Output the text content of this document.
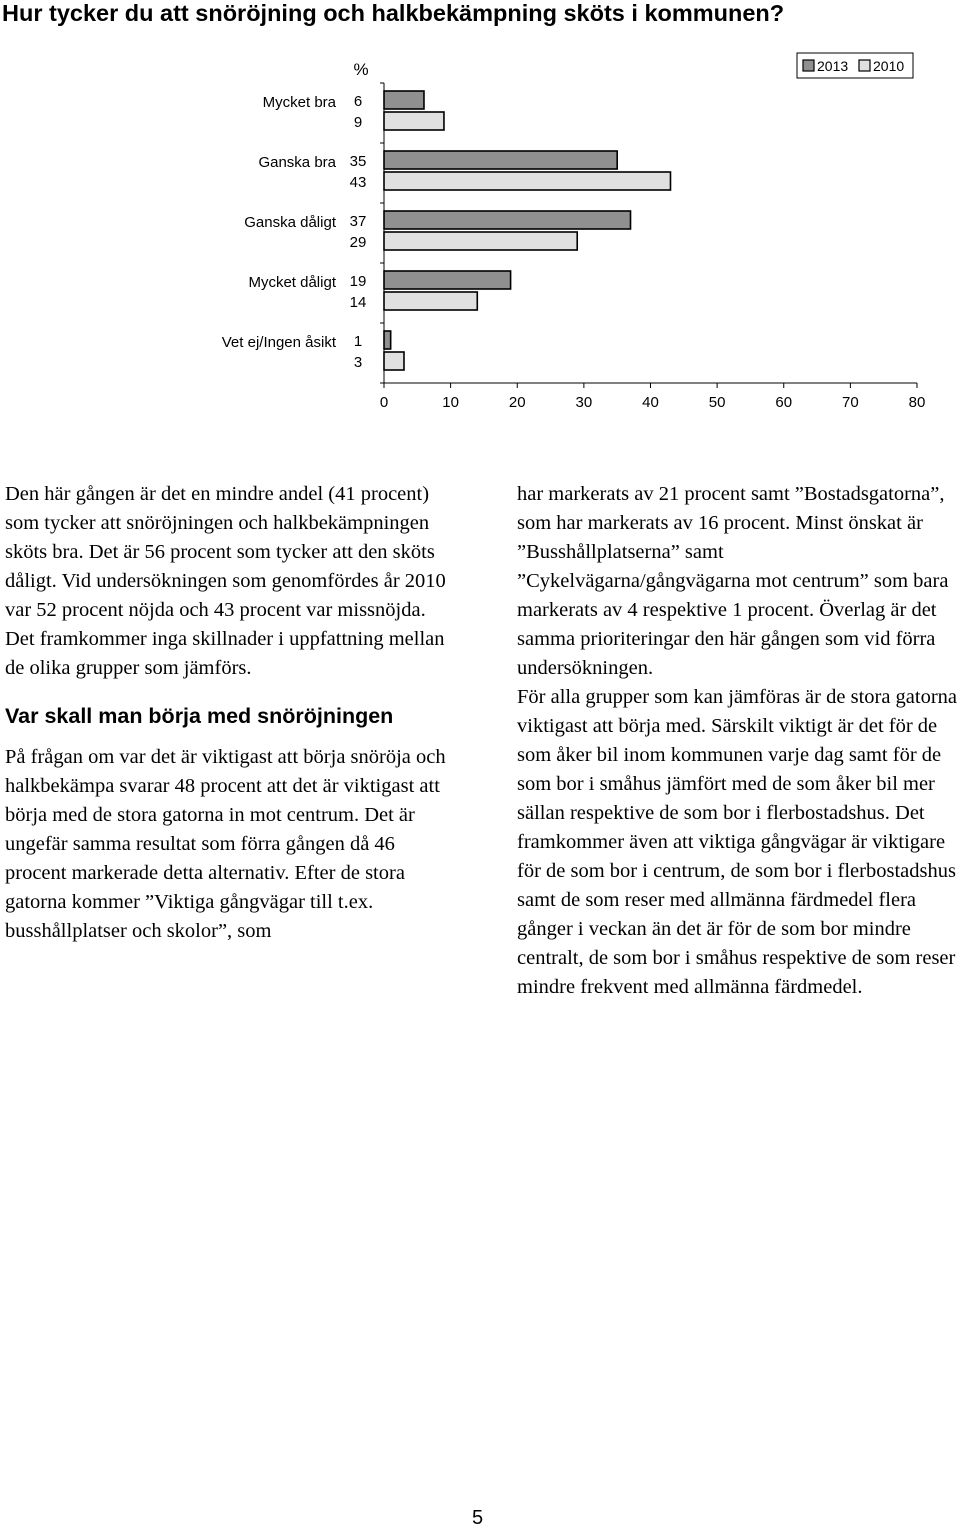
Hur tycker du att snöröjning och halkbekämpning sköts i kommunen?
%
0	10	20	30	40	50	60	70	80
Mycket bra 6
9
Ganska bra 35
43
Ganska dåligt 37
29
Mycket dåligt 19
14
Vet ej/Ingen åsikt 1
3
2013 2010

Den här gången är det en mindre andel (41 procent) som tycker att snöröjningen och halkbekämpningen sköts bra. Det är 56 procent som tycker att den sköts dåligt. Vid undersökningen som genomfördes år 2010 var 52 procent nöjda och 43 procent var missnöjda.

Det framkommer inga skillnader i uppfattning mellan de olika grupper som jämförs.

Var skall man börja med snöröjningen

På frågan om var det är viktigast att börja snöröja och halkbekämpa svarar 48 procent att det är viktigast att börja med de stora gatorna in mot centrum. Det är ungefär samma resultat som förra gången då 46 procent markerade detta alternativ. Efter de stora gatorna kommer ”Viktiga gångvägar till t.ex. busshållplatser och skolor”, som

har markerats av 21 procent samt ”Bostadsgatorna”, som har markerats av 16 procent. Minst önskat är ”Busshållplatserna” samt ”Cykelvägarna/gångvägarna mot centrum” som bara markerats av 4 respektive 1 procent. Överlag är det samma prioriteringar den här gången som vid förra undersökningen.

För alla grupper som kan jämföras är de stora gatorna viktigast att börja med. Särskilt viktigt är det för de som åker bil inom kommunen varje dag samt för de som bor i småhus jämfört med de som åker bil mer sällan respektive de som bor i flerbostadshus. Det framkommer även att viktiga gångvägar är viktigare för de som bor i centrum, de som bor i flerbostadshus samt de som reser med allmänna färdmedel flera gånger i veckan än det är för de som bor mindre centralt, de som bor i småhus respektive de som reser mindre frekvent med allmänna färdmedel.

5
